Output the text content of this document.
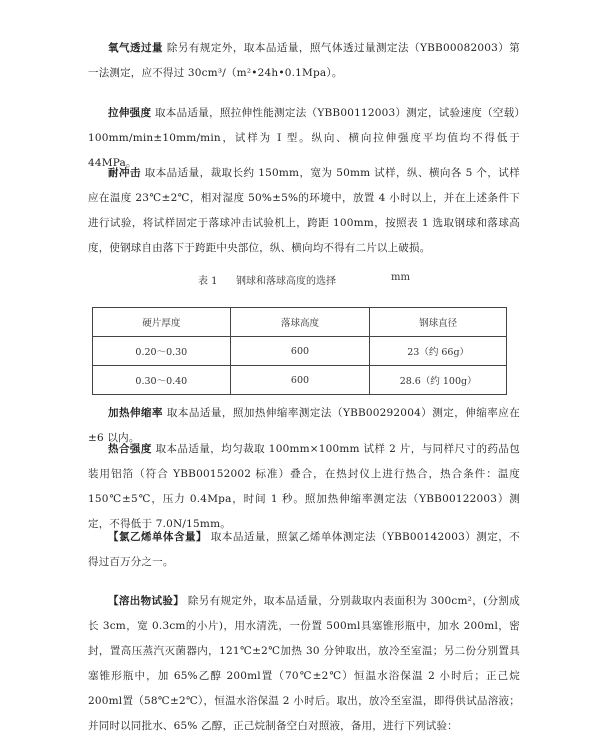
氧气透过量 除另有规定外，取本品适量，照气体透过量测定法（YBB00082003）第一法测定，应不得过 30cm³/（m²•24h•0.1Mpa）。
拉伸强度 取本品适量，照拉伸性能测定法（YBB00112003）测定，试验速度（空载）100mm/min±10mm/min，试样为 I 型。纵向、横向拉伸强度平均值均不得低于 44MPa。
耐冲击 取本品适量，裁取长约 150mm，宽为 50mm 试样，纵、横向各 5 个，试样应在温度 23℃±2℃，相对湿度 50%±5%的环境中，放置 4 小时以上，并在上述条件下进行试验，将试样固定于落球冲击试验机上，跨距 100mm，按照表 1 选取钢球和落球高度，使钢球自由落下于跨距中央部位，纵、横向均不得有二片以上破损。
表 1 钢球和落球高度的选择	mm
硬片厚度	落球高度	钢球直径
0.20～0.30	600	23（约 66g）
0.30～0.40	600	28.6（约 100g）
加热伸缩率 取本品适量，照加热伸缩率测定法（YBB00292004）测定，伸缩率应在±6 以内。
热合强度 取本品适量，均匀裁取 100mm×100mm 试样 2 片，与同样尺寸的药品包装用铝箔（符合 YBB00152002 标准）叠合，在热封仪上进行热合，热合条件：温度 150℃±5℃，压力 0.4Mpa，时间 1 秒。照加热伸缩率测定法（YBB00122003）测定，不得低于 7.0N/15mm。
【氯乙烯单体含量】 取本品适量，照氯乙烯单体测定法（YBB00142003）测定，不得过百万分之一。
【溶出物试验】 除另有规定外，取本品适量，分别裁取内表面积为 300cm²，(分割成长 3cm，宽 0.3cm的小片)，用水清洗，一份置 500ml具塞锥形瓶中，加水 200ml，密封，置高压蒸汽灭菌器内，121℃±2℃加热 30 分钟取出，放冷至室温；另二份分别置具塞锥形瓶中，加 65%乙醇 200ml置（70℃±2℃）恒温水浴保温 2 小时后；正己烷 200ml置（58℃±2℃），恒温水浴保温 2 小时后。取出，放冷至室温，即得供试品溶液；并同时以同批水、65% 乙醇，正己烷制备空白对照液，备用，进行下列试验：
